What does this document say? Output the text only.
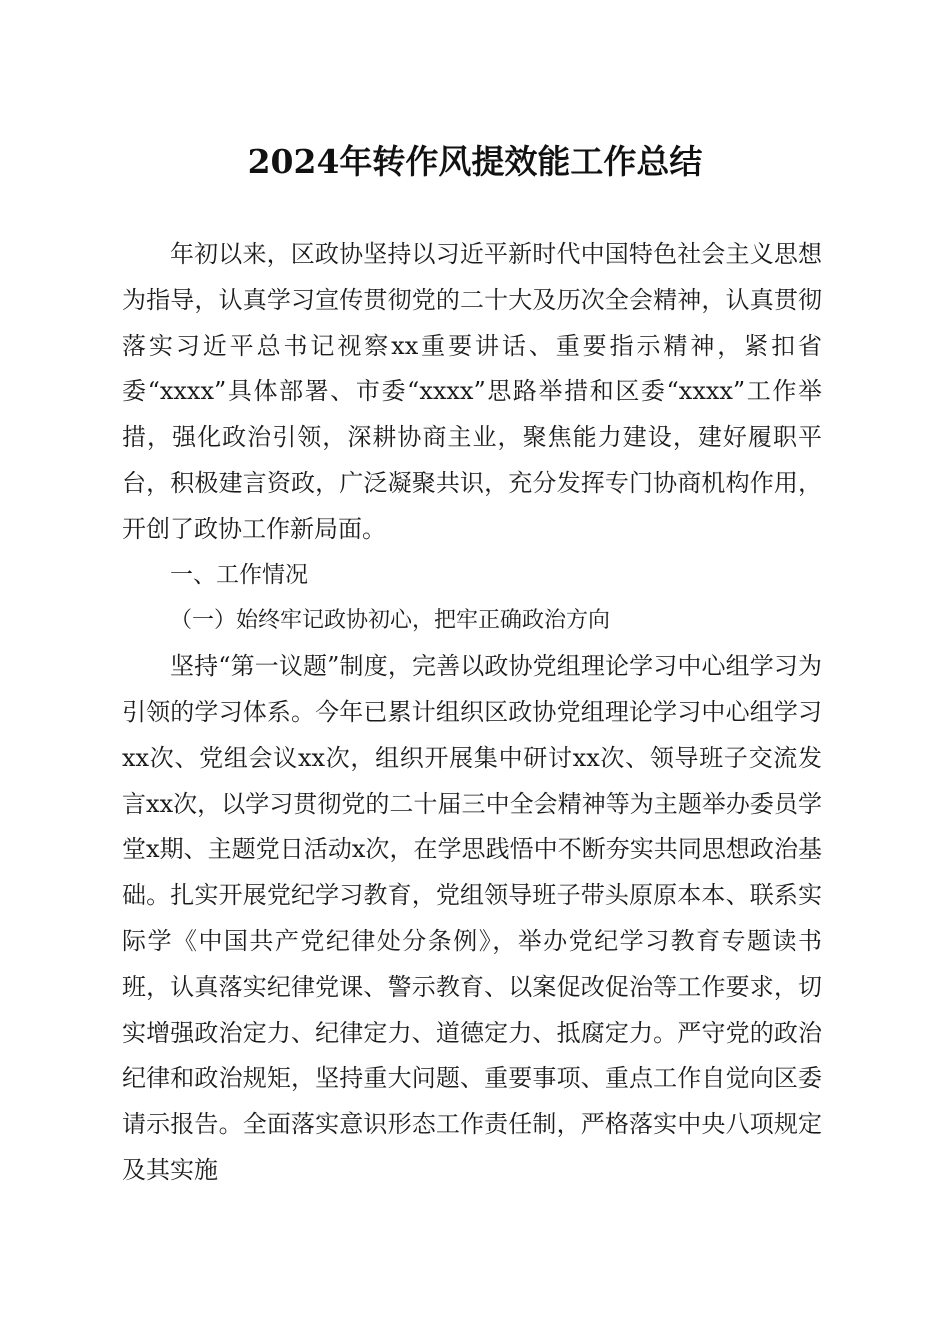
2024年转作风提效能工作总结

年初以来，区政协坚持以习近平新时代中国特色社会主义思想为指导，认真学习宣传贯彻党的二十大及历次全会精神，认真贯彻落实习近平总书记视察xx重要讲话、重要指示精神，紧扣省委“xxxx”具体部署、市委“xxxx”思路举措和区委“xxxx”工作举措，强化政治引领，深耕协商主业，聚焦能力建设，建好履职平台，积极建言资政，广泛凝聚共识，充分发挥专门协商机构作用，开创了政协工作新局面。

一、工作情况

（一）始终牢记政协初心，把牢正确政治方向

坚持“第一议题”制度，完善以政协党组理论学习中心组学习为引领的学习体系。今年已累计组织区政协党组理论学习中心组学习xx次、党组会议xx次，组织开展集中研讨xx次、领导班子交流发言xx次，以学习贯彻党的二十届三中全会精神等为主题举办委员学堂x期、主题党日活动x次，在学思践悟中不断夯实共同思想政治基础。扎实开展党纪学习教育，党组领导班子带头原原本本、联系实际学《中国共产党纪律处分条例》，举办党纪学习教育专题读书班，认真落实纪律党课、警示教育、以案促改促治等工作要求，切实增强政治定力、纪律定力、道德定力、抵腐定力。严守党的政治纪律和政治规矩，坚持重大问题、重要事项、重点工作自觉向区委请示报告。全面落实意识形态工作责任制，严格落实中央八项规定及其实施
